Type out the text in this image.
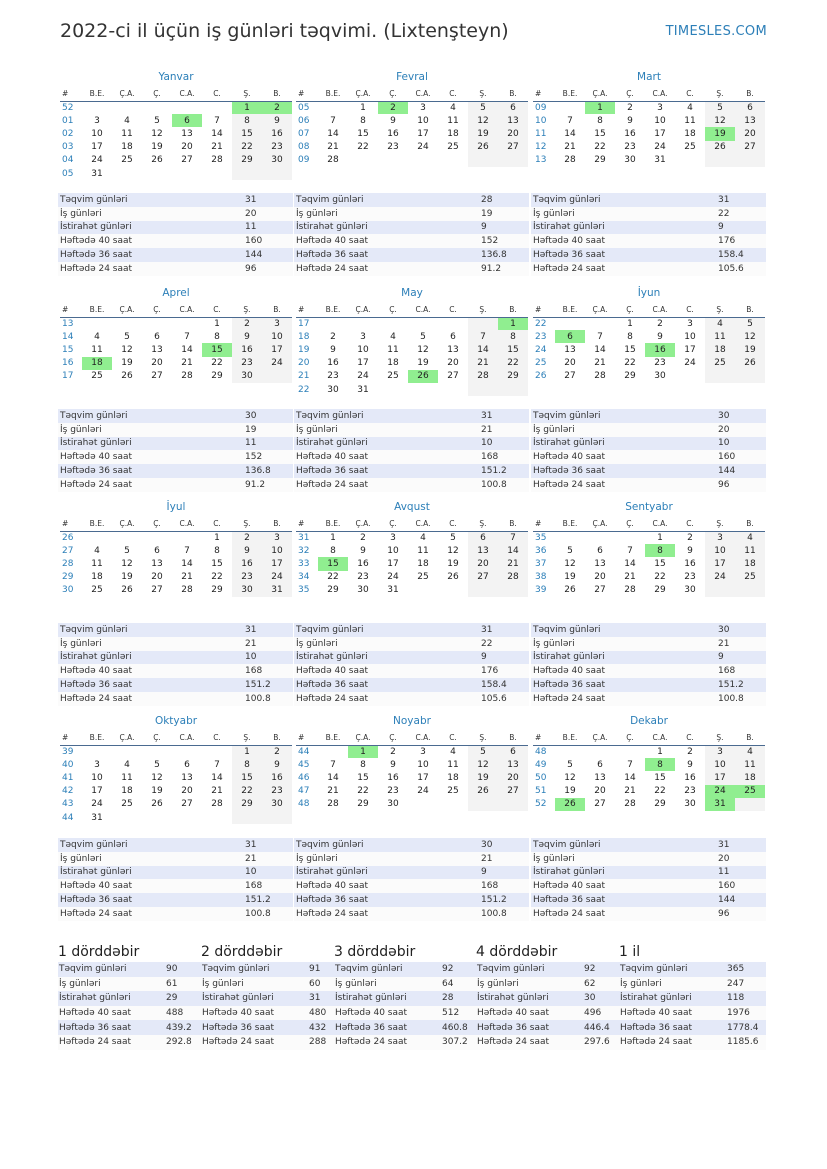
2022-ci il üçün iş günləri təqvimi. (Lixtenşteyn)	TIMESLES.COM
Yanvar
#	B.E.	Ç.A.	Ç.	C.A.	C.	Ş.	B.
52						1	2
01	3	4	5	6	7	8	9
02	10	11	12	13	14	15	16
03	17	18	19	20	21	22	23
04	24	25	26	27	28	29	30
05	31						
Təqvim günləri	31
İş günləri	20
İstirahət günləri	11
Həftədə 40 saat	160
Həftədə 36 saat	144
Həftədə 24 saat	96
Fevral
#	B.E.	Ç.A.	Ç.	C.A.	C.	Ş.	B.
05		1	2	3	4	5	6
06	7	8	9	10	11	12	13
07	14	15	16	17	18	19	20
08	21	22	23	24	25	26	27
09	28						
Təqvim günləri	28
İş günləri	19
İstirahət günləri	9
Həftədə 40 saat	152
Həftədə 36 saat	136.8
Həftədə 24 saat	91.2
Mart
#	B.E.	Ç.A.	Ç.	C.A.	C.	Ş.	B.
09		1	2	3	4	5	6
10	7	8	9	10	11	12	13
11	14	15	16	17	18	19	20
12	21	22	23	24	25	26	27
13	28	29	30	31			
Təqvim günləri	31
İş günləri	22
İstirahət günləri	9
Həftədə 40 saat	176
Həftədə 36 saat	158.4
Həftədə 24 saat	105.6
Aprel
#	B.E.	Ç.A.	Ç.	C.A.	C.	Ş.	B.
13					1	2	3
14	4	5	6	7	8	9	10
15	11	12	13	14	15	16	17
16	18	19	20	21	22	23	24
17	25	26	27	28	29	30	
Təqvim günləri	30
İş günləri	19
İstirahət günləri	11
Həftədə 40 saat	152
Həftədə 36 saat	136.8
Həftədə 24 saat	91.2
May
#	B.E.	Ç.A.	Ç.	C.A.	C.	Ş.	B.
17							1
18	2	3	4	5	6	7	8
19	9	10	11	12	13	14	15
20	16	17	18	19	20	21	22
21	23	24	25	26	27	28	29
22	30	31					
Təqvim günləri	31
İş günləri	21
İstirahət günləri	10
Həftədə 40 saat	168
Həftədə 36 saat	151.2
Həftədə 24 saat	100.8
İyun
#	B.E.	Ç.A.	Ç.	C.A.	C.	Ş.	B.
22			1	2	3	4	5
23	6	7	8	9	10	11	12
24	13	14	15	16	17	18	19
25	20	21	22	23	24	25	26
26	27	28	29	30			
Təqvim günləri	30
İş günləri	20
İstirahət günləri	10
Həftədə 40 saat	160
Həftədə 36 saat	144
Həftədə 24 saat	96
İyul
#	B.E.	Ç.A.	Ç.	C.A.	C.	Ş.	B.
26					1	2	3
27	4	5	6	7	8	9	10
28	11	12	13	14	15	16	17
29	18	19	20	21	22	23	24
30	25	26	27	28	29	30	31
Təqvim günləri	31
İş günləri	21
İstirahət günləri	10
Həftədə 40 saat	168
Həftədə 36 saat	151.2
Həftədə 24 saat	100.8
Avqust
#	B.E.	Ç.A.	Ç.	C.A.	C.	Ş.	B.
31	1	2	3	4	5	6	7
32	8	9	10	11	12	13	14
33	15	16	17	18	19	20	21
34	22	23	24	25	26	27	28
35	29	30	31				
Təqvim günləri	31
İş günləri	22
İstirahət günləri	9
Həftədə 40 saat	176
Həftədə 36 saat	158.4
Həftədə 24 saat	105.6
Sentyabr
#	B.E.	Ç.A.	Ç.	C.A.	C.	Ş.	B.
35				1	2	3	4
36	5	6	7	8	9	10	11
37	12	13	14	15	16	17	18
38	19	20	21	22	23	24	25
39	26	27	28	29	30		
Təqvim günləri	30
İş günləri	21
İstirahət günləri	9
Həftədə 40 saat	168
Həftədə 36 saat	151.2
Həftədə 24 saat	100.8
Oktyabr
#	B.E.	Ç.A.	Ç.	C.A.	C.	Ş.	B.
39						1	2
40	3	4	5	6	7	8	9
41	10	11	12	13	14	15	16
42	17	18	19	20	21	22	23
43	24	25	26	27	28	29	30
44	31						
Təqvim günləri	31
İş günləri	21
İstirahət günləri	10
Həftədə 40 saat	168
Həftədə 36 saat	151.2
Həftədə 24 saat	100.8
Noyabr
#	B.E.	Ç.A.	Ç.	C.A.	C.	Ş.	B.
44		1	2	3	4	5	6
45	7	8	9	10	11	12	13
46	14	15	16	17	18	19	20
47	21	22	23	24	25	26	27
48	28	29	30				
Təqvim günləri	30
İş günləri	21
İstirahət günləri	9
Həftədə 40 saat	168
Həftədə 36 saat	151.2
Həftədə 24 saat	100.8
Dekabr
#	B.E.	Ç.A.	Ç.	C.A.	C.	Ş.	B.
48				1	2	3	4
49	5	6	7	8	9	10	11
50	12	13	14	15	16	17	18
51	19	20	21	22	23	24	25
52	26	27	28	29	30	31	
Təqvim günləri	31
İş günləri	20
İstirahət günləri	11
Həftədə 40 saat	160
Həftədə 36 saat	144
Həftədə 24 saat	96
1 dörddəbir
Təqvim günləri	90
İş günləri	61
İstirahət günləri	29
Həftədə 40 saat	488
Həftədə 36 saat	439.2
Həftədə 24 saat	292.8
2 dörddəbir
Təqvim günləri	91
İş günləri	60
İstirahət günləri	31
Həftədə 40 saat	480
Həftədə 36 saat	432
Həftədə 24 saat	288
3 dörddəbir
Təqvim günləri	92
İş günləri	64
İstirahət günləri	28
Həftədə 40 saat	512
Həftədə 36 saat	460.8
Həftədə 24 saat	307.2
4 dörddəbir
Təqvim günləri	92
İş günləri	62
İstirahət günləri	30
Həftədə 40 saat	496
Həftədə 36 saat	446.4
Həftədə 24 saat	297.6
1 il
Təqvim günləri	365
İş günləri	247
İstirahət günləri	118
Həftədə 40 saat	1976
Həftədə 36 saat	1778.4
Həftədə 24 saat	1185.6
